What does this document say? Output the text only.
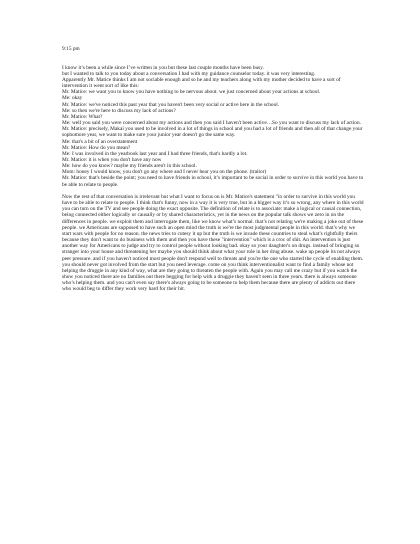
9:15 pm
I know it’s been a while since I’ve written in you but these last couple months have been busy.
but I wanted to talk to you today about a conversation I had with my guidance counselor today. it was very interesting.
Apparently Mr. Matice thinks I am not sociable enough and so he and my teachers along with my mother decided to have a sort of intervention it went sort of like this:
Mr. Matice: we want you to know you have nothing to be nervous about. we just concerned about your actions at school.
Me: okay
Mr. Matice: we've noticed this past year that you haven't been very social or active here in the school.
Me: so then we're here to discuss my lack of actions?
Mr. Matice: What?
Me: well you said you were concerned about my actions and then you said I haven't been active…So you want to discuss my lack of action.
Mr. Matice: precisely, Makai you used to be involved in a lot of things in school and you had a lot of friends and then all of that change your sophomore year, we want to make sure your junior year doesn't go the same way.
Me: that's a bit of an overstatement
Mr. Matice: How do you mean?
Me: I was involved in the yearbook last year and I had three friends, that's hardly a lot.
Mr. Matice: it is when you don't have any now
Me: how do you know? maybe my friends aren't in this school.
Mom: honey I would know, you don't go any where and I never hear you on the phone. (traitor)
Mr. Matice: that's beside the point; you need to have friends in school, it’s important to be social in order to survive in this world you have to be able to relate to people.

Now the rest of that conversation is irrelevant but what I want to focus on is Mr. Matice's statement "in order to survive in this world you have to be able to relate to people. I think that's funny, now in a way it is very true, but in a bigger way it’s so wrong, any where in this world you can turn on the TV and see people doing the exact opposite. The definition of relate is to associate: make a logical or causal connection, being connected either logically or causally or by shared characteristics, yet in the news on the popular talk shows we zero in on the differences in people. we exploit them and interrogate them, like we know what’s normal. that’s not relating we're making a joke out of these people. we Americans are supposed to have such an open mind the truth is we're the most judgmental people in this world. that’s why we start wars with people for no reason. the news tries to cutesy it up but the truth is we invade these countries to steal what’s rightfully theirs because they don't want to do business with them and then you have these "intervention" which is a croc of shit. An intervention is just another way for Americans to judge and try to control people without looking bad. okay so your daughter's on drugs. instead of bringing so stranger into your house and threatening her maybe you should think about what your role in her drug abuse. wake up people its not always peer pressure. and if you haven't noticed most people don't respond well to threats and you're the one who started the cycle of enabling them. you should never got involved from the start but you need leverage. come on you think interventionalist want to find a family whose not helping the druggie in any kind of way, what are they going to threaten the people with. Again you may call me crazy but if you watch the show you noticed there are no families out there begging for help with a druggie they haven't seen in three years. there is always someone who’s helping them. and you can't even say there's always going to be someone to help them because there are plenty of addicts out there who would beg to differ they work very hard for their hit.
